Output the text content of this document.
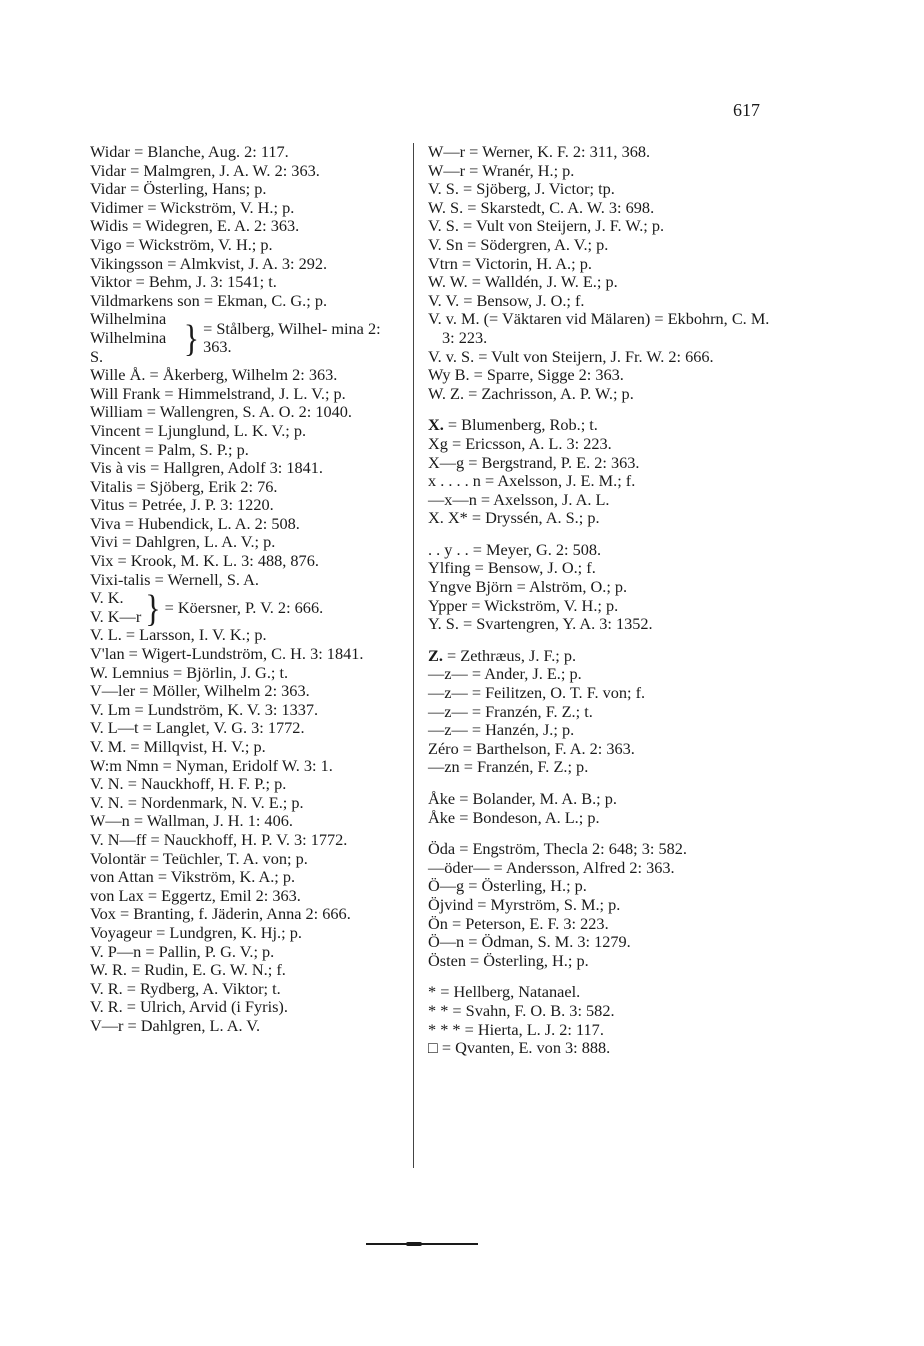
617
Widar = Blanche, Aug. 2: 117.
Vidar = Malmgren, J. A. W. 2: 363.
Vidar = Österling, Hans; p.
Vidimer = Wickström, V. H.; p.
Widis = Widegren, E. A. 2: 363.
Vigo = Wickström, V. H.; p.
Vikingsson = Almkvist, J. A. 3: 292.
Viktor = Behm, J. 3: 1541; t.
Vildmarkens son = Ekman, C. G.; p.
Wilhelmina
Wilhelmina S.	} = Stålberg, Wilhel- mina 2: 363.
Wille Å. = Åkerberg, Wilhelm 2: 363.
Will Frank = Himmelstrand, J. L. V.; p.
William = Wallengren, S. A. O. 2: 1040.
Vincent = Ljunglund, L. K. V.; p.
Vincent = Palm, S. P.; p.
Vis à vis = Hallgren, Adolf 3: 1841.
Vitalis = Sjöberg, Erik 2: 76.
Vitus = Petrée, J. P. 3: 1220.
Viva = Hubendick, L. A. 2: 508.
Vivi = Dahlgren, L. A. V.; p.
Vix = Krook, M. K. L. 3: 488, 876.
Vixi-talis = Wernell, S. A.
V. K.
V. K—r } = Köersner, P. V. 2: 666.
V. L. = Larsson, I. V. K.; p.
V'lan = Wigert-Lundström, C. H. 3: 1841.
W. Lemnius = Björlin, J. G.; t.
V—ler = Möller, Wilhelm 2: 363.
V. Lm = Lundström, K. V. 3: 1337.
V. L—t = Langlet, V. G. 3: 1772.
V. M. = Millqvist, H. V.; p.
W:m Nmn = Nyman, Eridolf W. 3: 1.
V. N. = Nauckhoff, H. F. P.; p.
V. N. = Nordenmark, N. V. E.; p.
W—n = Wallman, J. H. 1: 406.
V. N—ff = Nauckhoff, H. P. V. 3: 1772.
Volontär = Teüchler, T. A. von; p.
von Attan = Vikström, K. A.; p.
von Lax = Eggertz, Emil 2: 363.
Vox = Branting, f. Jäderin, Anna 2: 666.
Voyageur = Lundgren, K. Hj.; p.
V. P—n = Pallin, P. G. V.; p.
W. R. = Rudin, E. G. W. N.; f.
V. R. = Rydberg, A. Viktor; t.
V. R. = Ulrich, Arvid (i Fyris).
V—r = Dahlgren, L. A. V.
W—r = Werner, K. F. 2: 311, 368.
W—r = Wranér, H.; p.
V. S. = Sjöberg, J. Victor; tp.
W. S. = Skarstedt, C. A. W. 3: 698.
V. S. = Vult von Steijern, J. F. W.; p.
V. Sn = Södergren, A. V.; p.
Vtrn = Victorin, H. A.; p.
W. W. = Walldén, J. W. E.; p.
V. V. = Bensow, J. O.; f.
V. v. M. (= Väktaren vid Mälaren) = Ekbohrn, C. M. 3: 223.
V. v. S. = Vult von Steijern, J. Fr. W. 2: 666.
Wy B. = Sparre, Sigge 2: 363.
W. Z. = Zachrisson, A. P. W.; p.
X. = Blumenberg, Rob.; t.
Xg = Ericsson, A. L. 3: 223.
X—g = Bergstrand, P. E. 2: 363.
x . . . . n = Axelsson, J. E. M.; f.
—x—n = Axelsson, J. A. L.
X. X* = Dryssén, A. S.; p.
. . y . . = Meyer, G. 2: 508.
Ylfing = Bensow, J. O.; f.
Yngve Björn = Alström, O.; p.
Ypper = Wickström, V. H.; p.
Y. S. = Svartengren, Y. A. 3: 1352.
Z. = Zethræus, J. F.; p.
—z— = Ander, J. E.; p.
—z— = Feilitzen, O. T. F. von; f.
—z— = Franzén, F. Z.; t.
—z— = Hanzén, J.; p.
Zéro = Barthelson, F. A. 2: 363.
—zn = Franzén, F. Z.; p.
Åke = Bolander, M. A. B.; p.
Åke = Bondeson, A. L.; p.
Öda = Engström, Thecla 2: 648; 3: 582.
—öder— = Andersson, Alfred 2: 363.
Ö—g = Österling, H.; p.
Öjvind = Myrström, S. M.; p.
Ön = Peterson, E. F. 3: 223.
Ö—n = Ödman, S. M. 3: 1279.
Östen = Österling, H.; p.
* = Hellberg, Natanael.
* * = Svahn, F. O. B. 3: 582.
* * * = Hierta, L. J. 2: 117.
□ = Qvanten, E. von 3: 888.
